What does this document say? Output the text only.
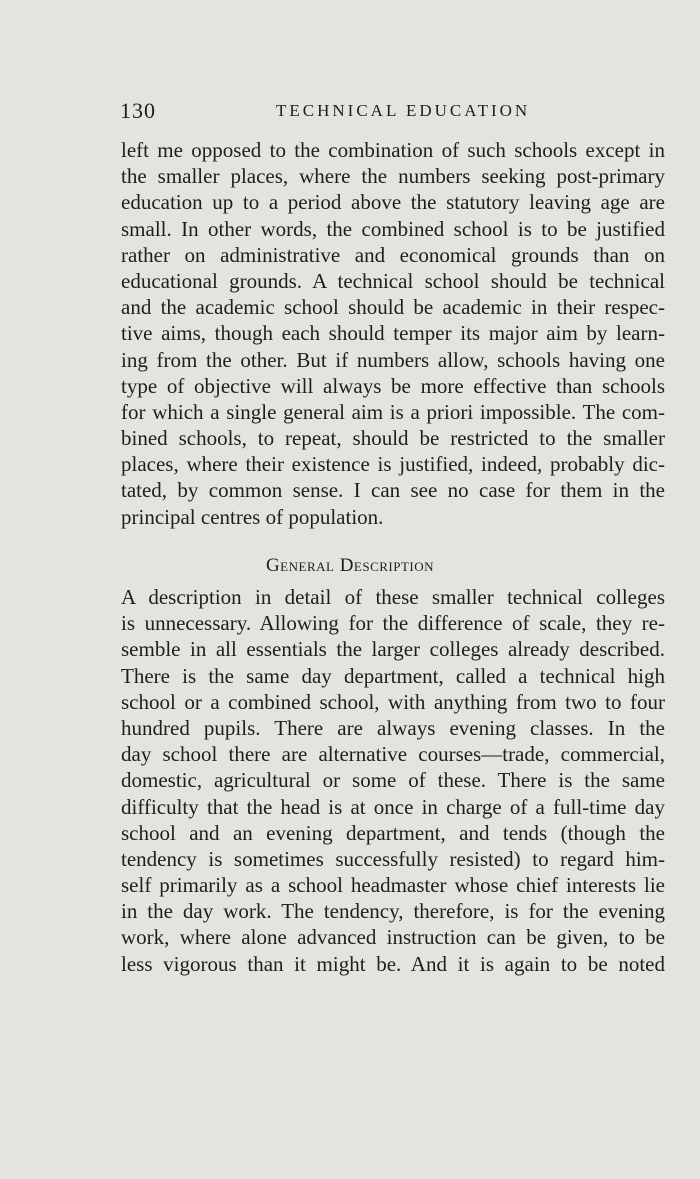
130	TECHNICAL EDUCATION
left me opposed to the combination of such schools except in
the smaller places, where the numbers seeking post-primary
education up to a period above the statutory leaving age are
small. In other words, the combined school is to be justified
rather on administrative and economical grounds than on
educational grounds. A technical school should be technical
and the academic school should be academic in their respec-
tive aims, though each should temper its major aim by learn-
ing from the other. But if numbers allow, schools having one
type of objective will always be more effective than schools
for which a single general aim is a priori impossible. The com-
bined schools, to repeat, should be restricted to the smaller
places, where their existence is justified, indeed, probably dic-
tated, by common sense. I can see no case for them in the
principal centres of population.
General Description
A description in detail of these smaller technical colleges
is unnecessary. Allowing for the difference of scale, they re-
semble in all essentials the larger colleges already described.
There is the same day department, called a technical high
school or a combined school, with anything from two to four
hundred pupils. There are always evening classes. In the
day school there are alternative courses—trade, commercial,
domestic, agricultural or some of these. There is the same
difficulty that the head is at once in charge of a full-time day
school and an evening department, and tends (though the
tendency is sometimes successfully resisted) to regard him-
self primarily as a school headmaster whose chief interests lie
in the day work. The tendency, therefore, is for the evening
work, where alone advanced instruction can be given, to be
less vigorous than it might be. And it is again to be noted
